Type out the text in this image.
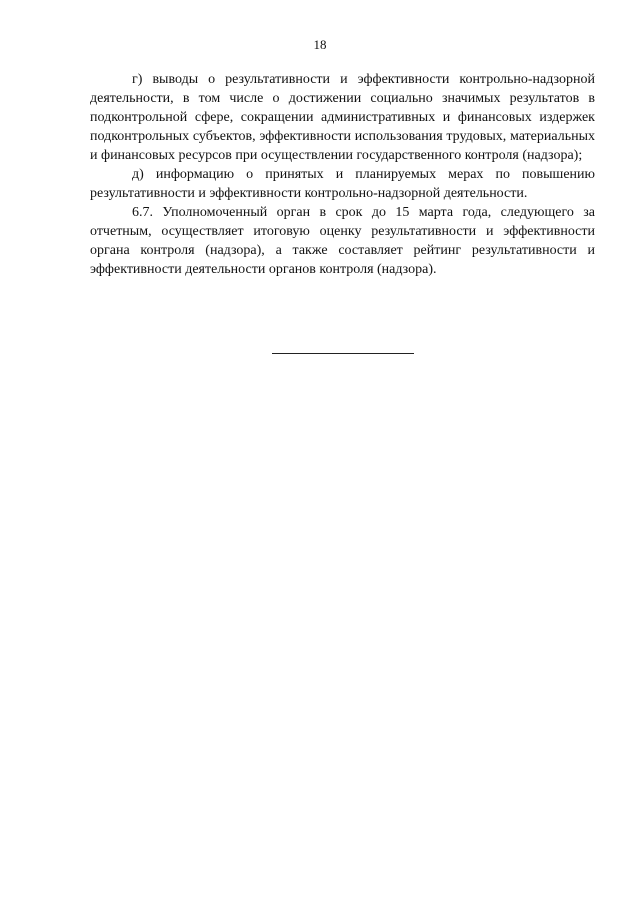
18

г) выводы о результативности и эффективности контрольно-надзорной деятельности, в том числе о достижении социально значимых результатов в подконтрольной сфере, сокращении административных и финансовых издержек подконтрольных субъектов, эффективности использования трудовых, материальных и финансовых ресурсов при осуществлении государственного контроля (надзора);

д) информацию о принятых и планируемых мерах по повышению результативности и эффективности контрольно-надзорной деятельности.

6.7. Уполномоченный орган в срок до 15 марта года, следующего за отчетным, осуществляет итоговую оценку результативности и эффективности органа контроля (надзора), а также составляет рейтинг результативности и эффективности деятельности органов контроля (надзора).
